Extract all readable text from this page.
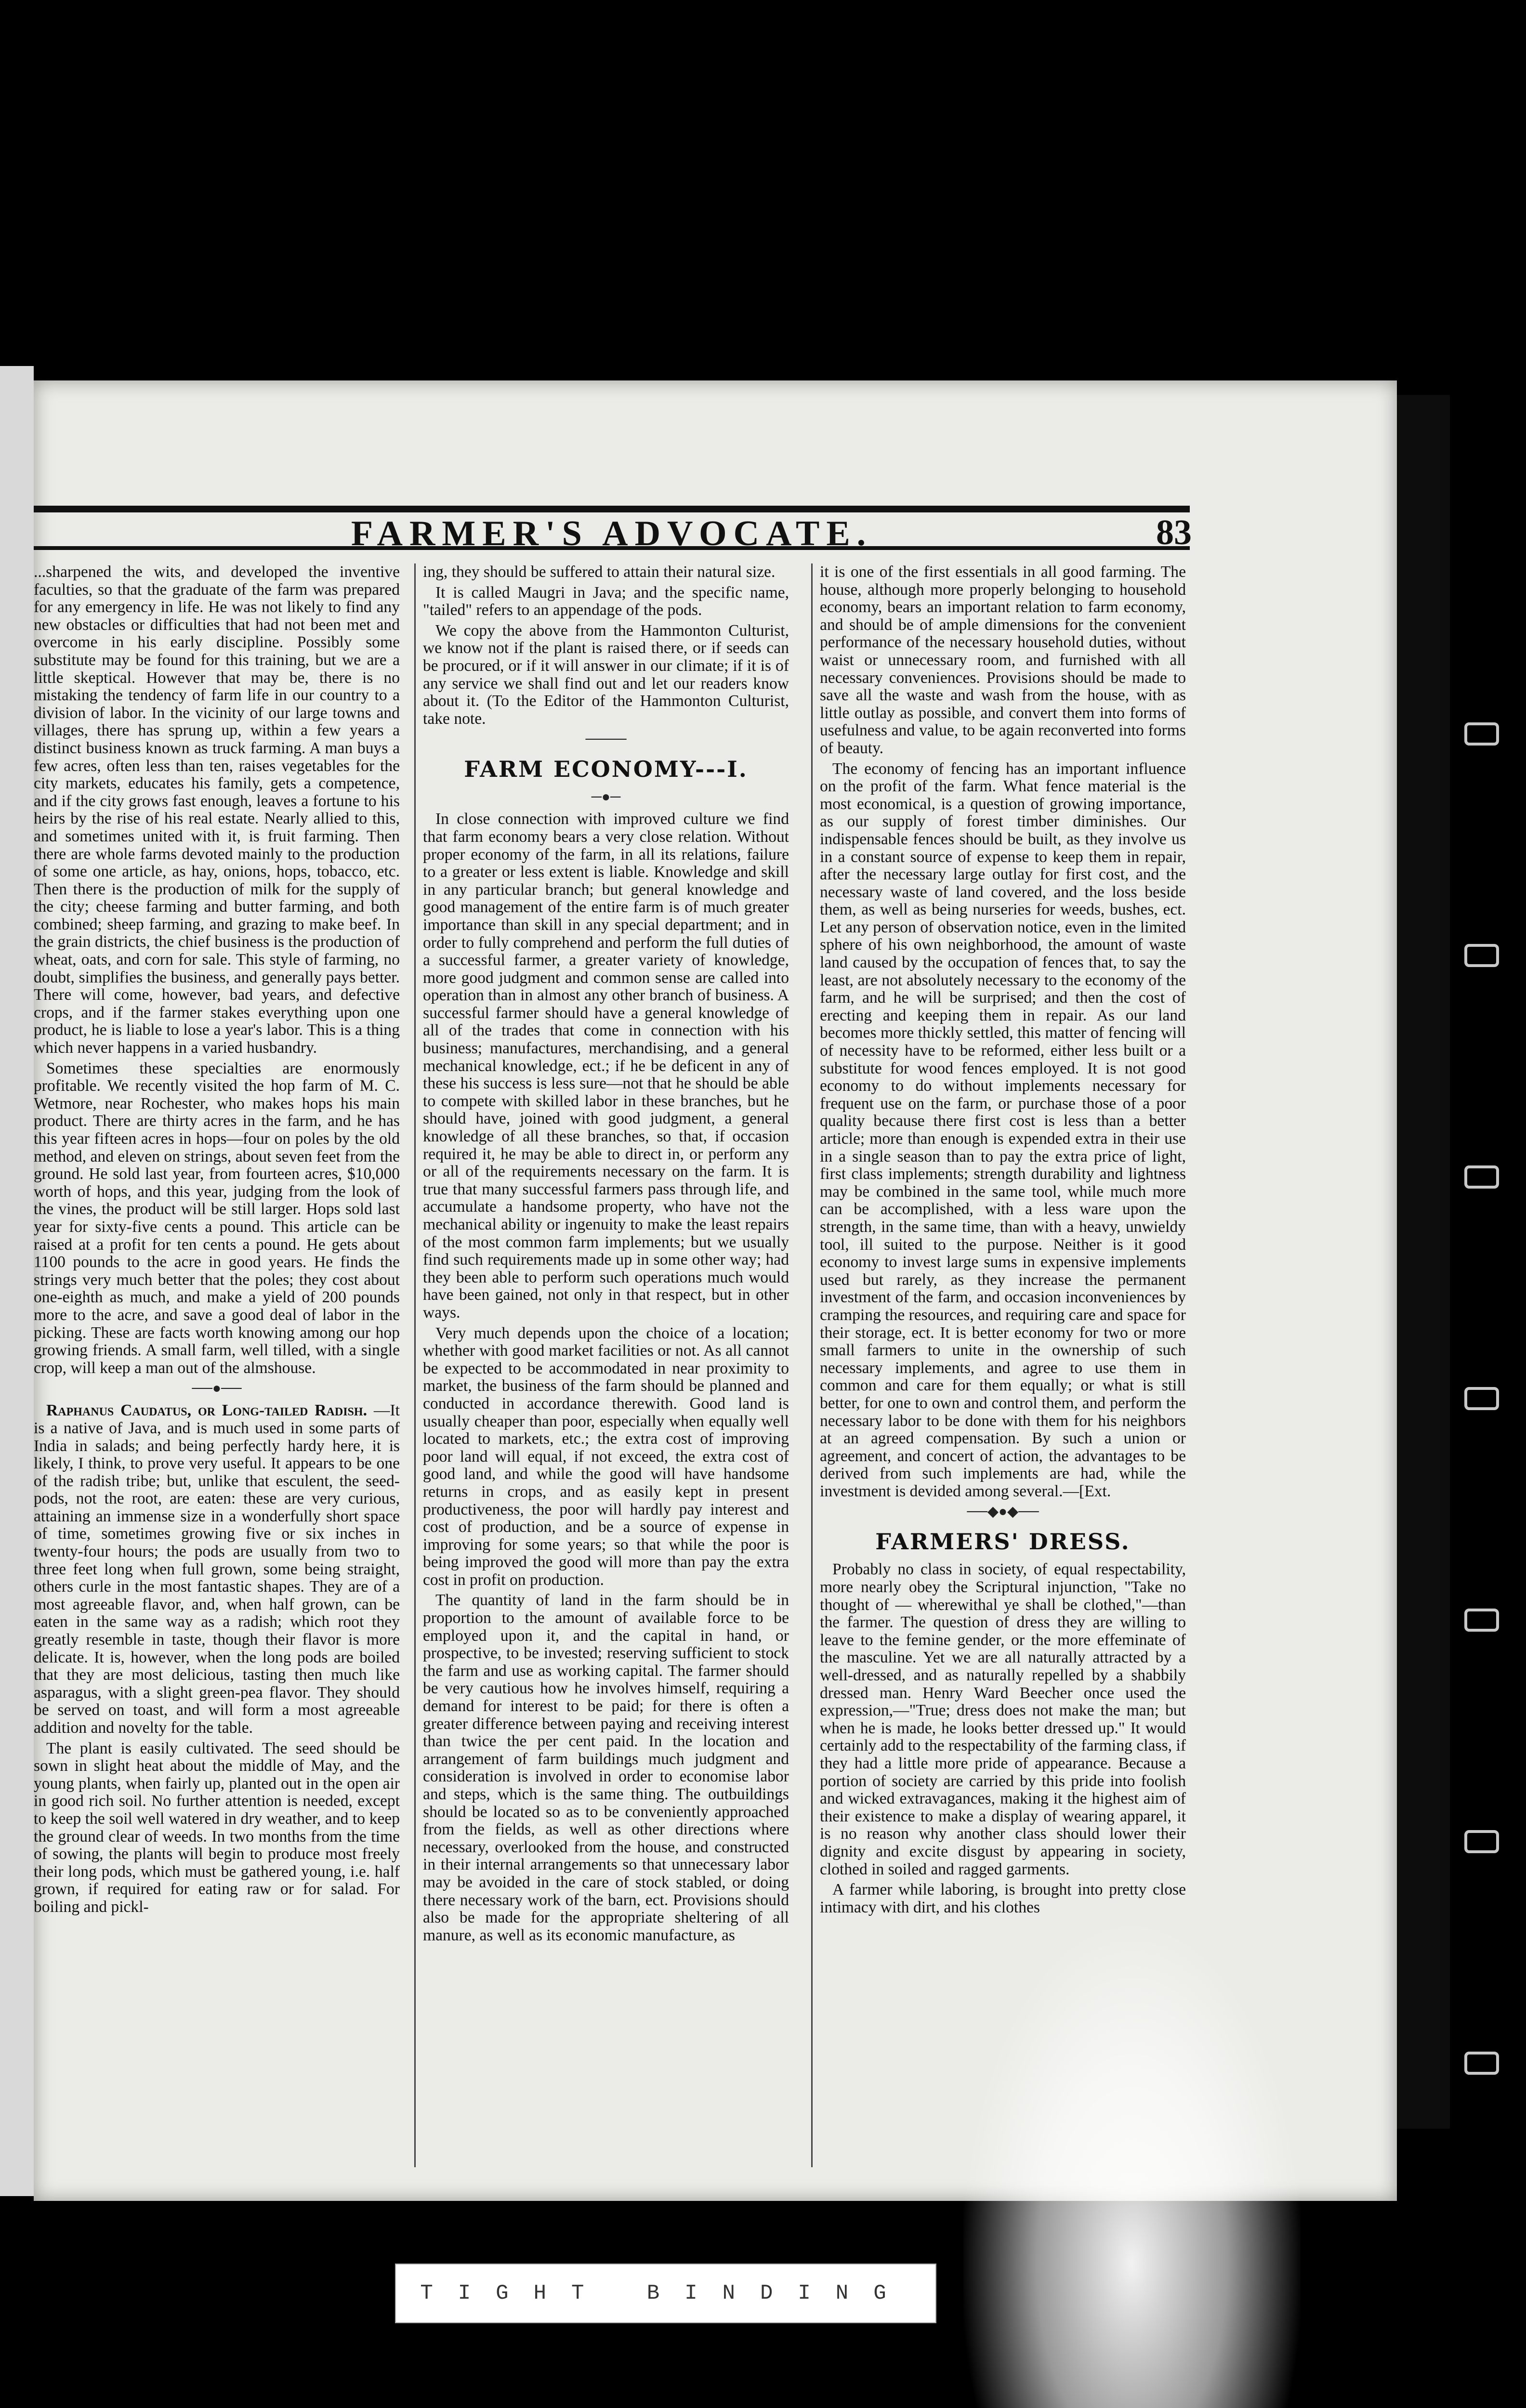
FARMER'S ADVOCATE.	83

...sharpened the wits, and developed the inventive faculties, so that the graduate of the farm was prepared for any emergency in life. He was not likely to find any new obstacles or difficulties that had not been met and overcome in his early discipline. Possibly some substitute may be found for this training, but we are a little skeptical. However that may be, there is no mistaking the tendency of farm life in our country to a division of labor. In the vicinity of our large towns and villages, there has sprung up, within a few years a distinct business known as truck farming. A man buys a few acres, often less than ten, raises vegetables for the city markets, educates his family, gets a competence, and if the city grows fast enough, leaves a fortune to his heirs by the rise of his real estate. Nearly allied to this, and sometimes united with it, is fruit farming. Then there are whole farms devoted mainly to the production of some one article, as hay, onions, hops, tobacco, etc. Then there is the production of milk for the supply of the city; cheese farming and butter farming, and both combined; sheep farming, and grazing to make beef. In the grain districts, the chief business is the production of wheat, oats, and corn for sale. This style of farming, no doubt, simplifies the business, and generally pays better. There will come, however, bad years, and defective crops, and if the farmer stakes everything upon one product, he is liable to lose a year's labor. This is a thing which never happens in a varied husbandry.

Sometimes these specialties are enormously profitable. We recently visited the hop farm of M. C. Wetmore, near Rochester, who makes hops his main product. There are thirty acres in the farm, and he has this year fifteen acres in hops—four on poles by the old method, and eleven on strings, about seven feet from the ground. He sold last year, from fourteen acres, $10,000 worth of hops, and this year, judging from the look of the vines, the product will be still larger. Hops sold last year for sixty-five cents a pound. This article can be raised at a profit for ten cents a pound. He gets about 1100 pounds to the acre in good years. He finds the strings very much better that the poles; they cost about one-eighth as much, and make a yield of 200 pounds more to the acre, and save a good deal of labor in the picking. These are facts worth knowing among our hop growing friends. A small farm, well tilled, with a single crop, will keep a man out of the almshouse.

──●──

Raphanus Caudatus, or Long-tailed Radish. —It is a native of Java, and is much used in some parts of India in salads; and being perfectly hardy here, it is likely, I think, to prove very useful. It appears to be one of the radish tribe; but, unlike that esculent, the seed-pods, not the root, are eaten: these are very curious, attaining an immense size in a wonderfully short space of time, sometimes growing five or six inches in twenty-four hours; the pods are usually from two to three feet long when full grown, some being straight, others curle in the most fantastic shapes. They are of a most agreeable flavor, and, when half grown, can be eaten in the same way as a radish; which root they greatly resemble in taste, though their flavor is more delicate. It is, however, when the long pods are boiled that they are most delicious, tasting then much like asparagus, with a slight green-pea flavor. They should be served on toast, and will form a most agreeable addition and novelty for the table.

The plant is easily cultivated. The seed should be sown in slight heat about the middle of May, and the young plants, when fairly up, planted out in the open air in good rich soil. No further attention is needed, except to keep the soil well watered in dry weather, and to keep the ground clear of weeds. In two months from the time of sowing, the plants will begin to produce most freely their long pods, which must be gathered young, i.e. half grown, if required for eating raw or for salad. For boiling and pickl-

ing, they should be suffered to attain their natural size.

It is called Maugri in Java; and the specific name, "tailed" refers to an appendage of the pods.

We copy the above from the Hammonton Culturist, we know not if the plant is raised there, or if seeds can be procured, or if it will answer in our climate; if it is of any service we shall find out and let our readers know about it. (To the Editor of the Hammonton Culturist, take note.

────
FARM ECONOMY---I.
─●─

In close connection with improved culture we find that farm economy bears a very close relation. Without proper economy of the farm, in all its relations, failure to a greater or less extent is liable. Knowledge and skill in any particular branch; but general knowledge and good management of the entire farm is of much greater importance than skill in any special department; and in order to fully comprehend and perform the full duties of a successful farmer, a greater variety of knowledge, more good judgment and common sense are called into operation than in almost any other branch of business. A successful farmer should have a general knowledge of all of the trades that come in connection with his business; manufactures, merchandising, and a general mechanical knowledge, ect.; if he be deficent in any of these his success is less sure—not that he should be able to compete with skilled labor in these branches, but he should have, joined with good judgment, a general knowledge of all these branches, so that, if occasion required it, he may be able to direct in, or perform any or all of the requirements necessary on the farm. It is true that many successful farmers pass through life, and accumulate a handsome property, who have not the mechanical ability or ingenuity to make the least repairs of the most common farm implements; but we usually find such requirements made up in some other way; had they been able to perform such operations much would have been gained, not only in that respect, but in other ways.

Very much depends upon the choice of a location; whether with good market facilities or not. As all cannot be expected to be accommodated in near proximity to market, the business of the farm should be planned and conducted in accordance therewith. Good land is usually cheaper than poor, especially when equally well located to markets, etc.; the extra cost of improving poor land will equal, if not exceed, the extra cost of good land, and while the good will have handsome returns in crops, and as easily kept in present productiveness, the poor will hardly pay interest and cost of production, and be a source of expense in improving for some years; so that while the poor is being improved the good will more than pay the extra cost in profit on production.

The quantity of land in the farm should be in proportion to the amount of available force to be employed upon it, and the capital in hand, or prospective, to be invested; reserving sufficient to stock the farm and use as working capital. The farmer should be very cautious how he involves himself, requiring a demand for interest to be paid; for there is often a greater difference between paying and receiving interest than twice the per cent paid. In the location and arrangement of farm buildings much judgment and consideration is involved in order to economise labor and steps, which is the same thing. The outbuildings should be located so as to be conveniently approached from the fields, as well as other directions where necessary, overlooked from the house, and constructed in their internal arrangements so that unnecessary labor may be avoided in the care of stock stabled, or doing there necessary work of the barn, ect. Provisions should also be made for the appropriate sheltering of all manure, as well as its economic manufacture, as

it is one of the first essentials in all good farming. The house, although more properly belonging to household economy, bears an important relation to farm economy, and should be of ample dimensions for the convenient performance of the necessary household duties, without waist or unnecessary room, and furnished with all necessary conveniences. Provisions should be made to save all the waste and wash from the house, with as little outlay as possible, and convert them into forms of usefulness and value, to be again reconverted into forms of beauty.

The economy of fencing has an important influence on the profit of the farm. What fence material is the most economical, is a question of growing importance, as our supply of forest timber diminishes. Our indispensable fences should be built, as they involve us in a constant source of expense to keep them in repair, after the necessary large outlay for first cost, and the necessary waste of land covered, and the loss beside them, as well as being nurseries for weeds, bushes, ect. Let any person of observation notice, even in the limited sphere of his own neighborhood, the amount of waste land caused by the occupation of fences that, to say the least, are not absolutely necessary to the economy of the farm, and he will be surprised; and then the cost of erecting and keeping them in repair. As our land becomes more thickly settled, this matter of fencing will of necessity have to be reformed, either less built or a substitute for wood fences employed. It is not good economy to do without implements necessary for frequent use on the farm, or purchase those of a poor quality because there first cost is less than a better article; more than enough is expended extra in their use in a single season than to pay the extra price of light, first class implements; strength durability and lightness may be combined in the same tool, while much more can be accomplished, with a less ware upon the strength, in the same time, than with a heavy, unwieldy tool, ill suited to the purpose. Neither is it good economy to invest large sums in expensive implements used but rarely, as they increase the permanent investment of the farm, and occasion inconveniences by cramping the resources, and requiring care and space for their storage, ect. It is better economy for two or more small farmers to unite in the ownership of such necessary implements, and agree to use them in common and care for them equally; or what is still better, for one to own and control them, and perform the necessary labor to be done with them for his neighbors at an agreed compensation. By such a union or agreement, and concert of action, the advantages to be derived from such implements are had, while the investment is devided among several.—[Ext.

──◆●◆──
FARMERS' DRESS.

Probably no class in society, of equal respectability, more nearly obey the Scriptural injunction, "Take no thought of — wherewithal ye shall be clothed,"—than the farmer. The question of dress they are willing to leave to the femine gender, or the more effeminate of the masculine. Yet we are all naturally attracted by a well-dressed, and as naturally repelled by a shabbily dressed man. Henry Ward Beecher once used the expression,—"True; dress does not make the man; but when he is made, he looks better dressed up." It would certainly add to the respectability of the farming class, if they had a little more pride of appearance. Because a portion of society are carried by this pride into foolish and wicked extravagances, making it the highest aim of their existence to make a display of wearing apparel, it is no reason why another class should lower their dignity and excite disgust by appearing in society, clothed in soiled and ragged garments.

A farmer while laboring, is brought into pretty close intimacy with dirt, and his clothes

TIGHT BINDING
